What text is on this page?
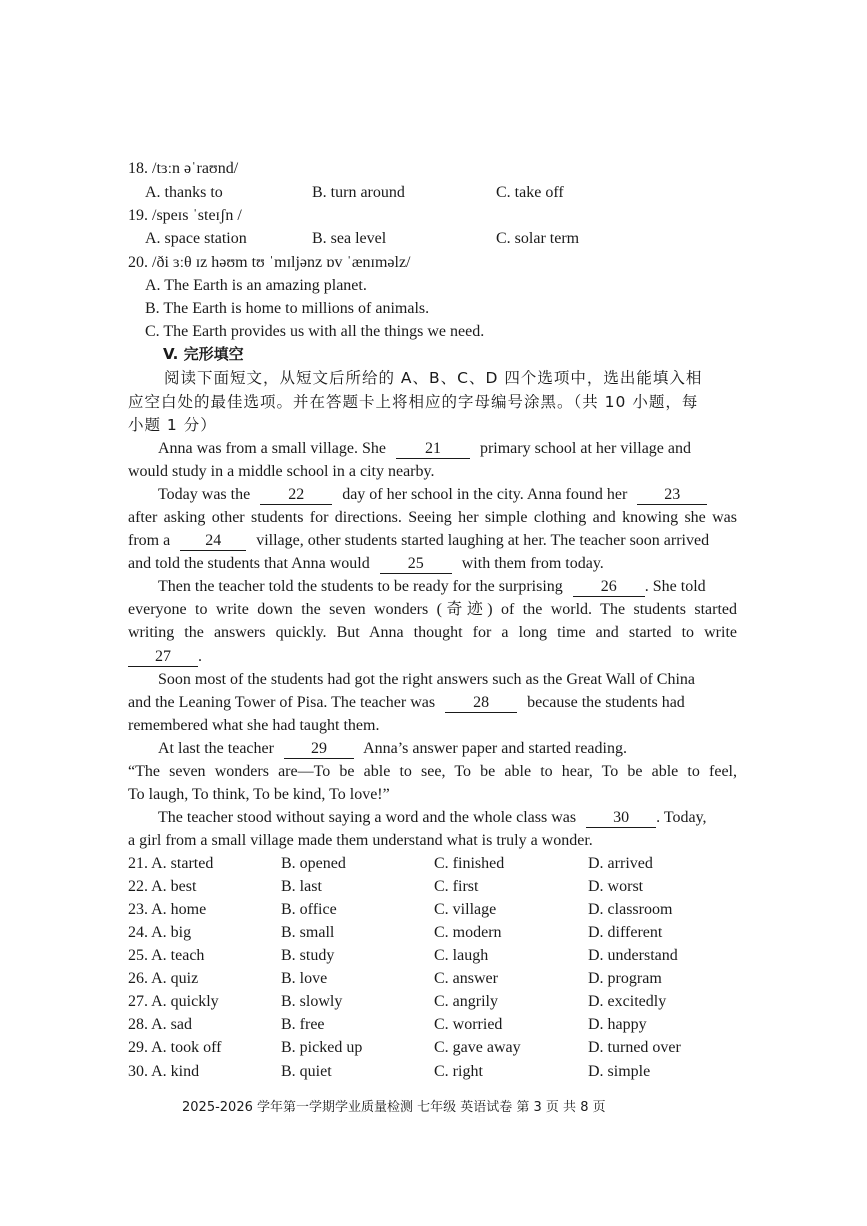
18. /tɜːn əˈraʊnd/
A. thanks to	B. turn around	C. take off
19. /speɪs ˈsteɪʃn /
A. space station	B. sea level	C. solar term
20. /ði ɜːθ ɪz həʊm tʊ ˈmɪljənz ɒv ˈænɪməlz/
A. The Earth is an amazing planet.
B. The Earth is home to millions of animals.
C. The Earth provides us with all the things we need.
V. 完形填空
阅读下面短文，从短文后所给的 A、B、C、D 四个选项中，选出能填入相
应空白处的最佳选项。并在答题卡上将相应的字母编号涂黑。（共 10 小题，每
小题 1 分）
Anna was from a small village. She 21 primary school at her village and
would study in a middle school in a city nearby.
Today was the 22 day of her school in the city. Anna found her 23
after asking other students for directions. Seeing her simple clothing and knowing she was
from a 24 village, other students started laughing at her. The teacher soon arrived
and told the students that Anna would 25 with them from today.
Then the teacher told the students to be ready for the surprising 26 . She told
everyone to write down the seven wonders (奇迹) of the world. The students started
writing the answers quickly. But Anna thought for a long time and started to write
27 .
Soon most of the students had got the right answers such as the Great Wall of China
and the Leaning Tower of Pisa. The teacher was 28 because the students had
remembered what she had taught them.
At last the teacher 29 Anna’s answer paper and started reading.
“The seven wonders are—To be able to see, To be able to hear, To be able to feel,
To laugh, To think, To be kind, To love!”
The teacher stood without saying a word and the whole class was 30 . Today,
a girl from a small village made them understand what is truly a wonder.
21. A. started	B. opened	C. finished	D. arrived
22. A. best	B. last	C. first	D. worst
23. A. home	B. office	C. village	D. classroom
24. A. big	B. small	C. modern	D. different
25. A. teach	B. study	C. laugh	D. understand
26. A. quiz	B. love	C. answer	D. program
27. A. quickly	B. slowly	C. angrily	D. excitedly
28. A. sad	B. free	C. worried	D. happy
29. A. took off	B. picked up	C. gave away	D. turned over
30. A. kind	B. quiet	C. right	D. simple
2025-2026 学年第一学期学业质量检测 七年级 英语试卷 第 3 页 共 8 页
